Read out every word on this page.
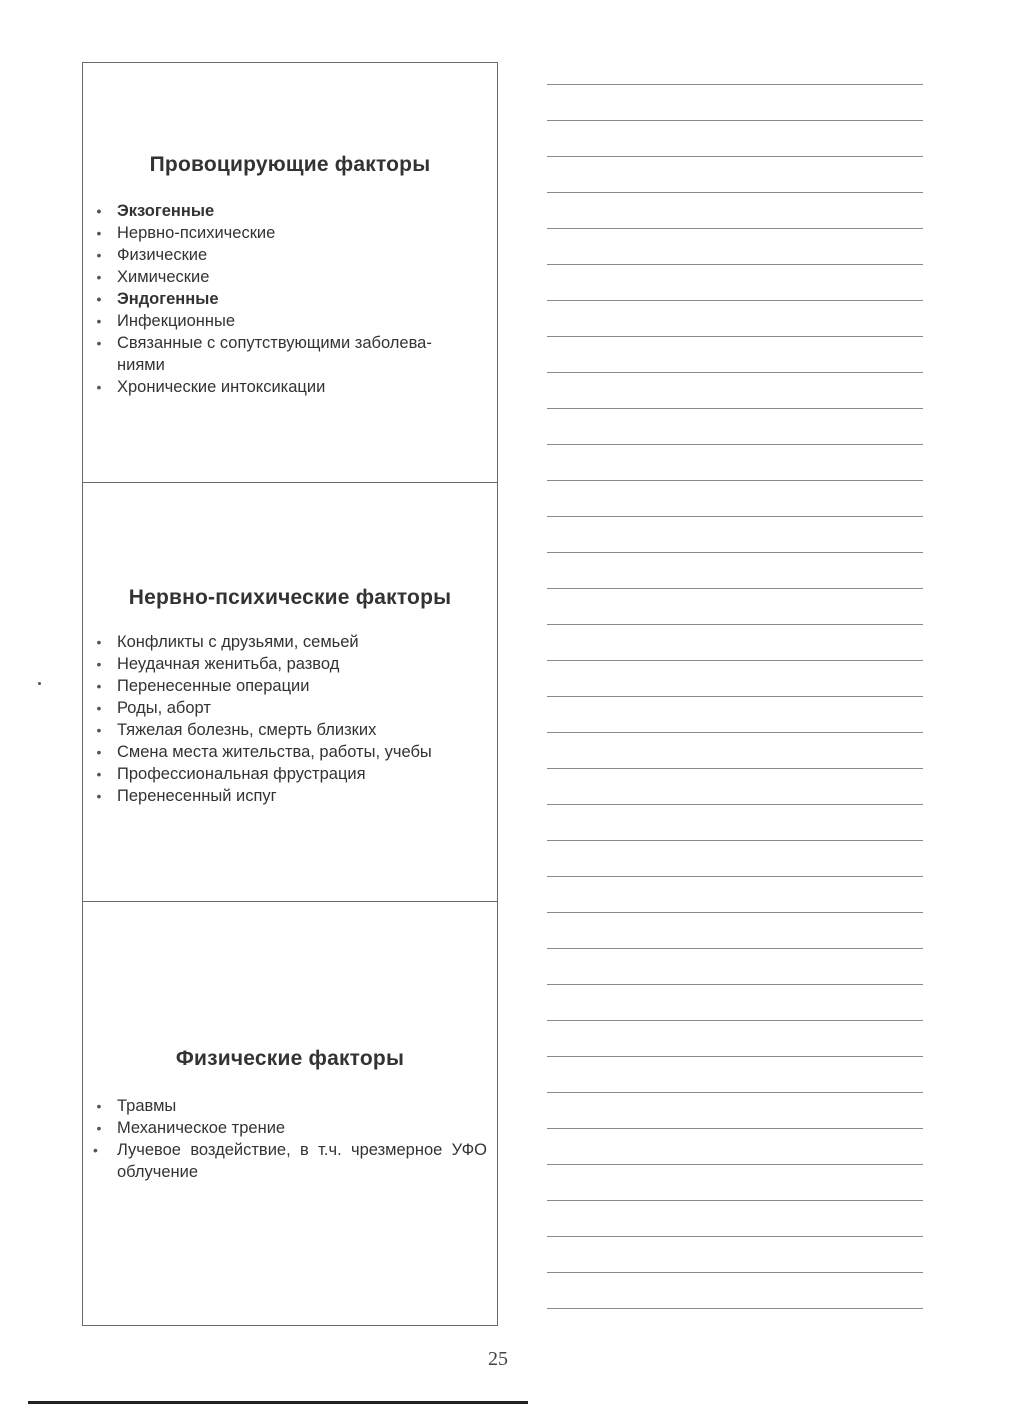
Провоцирующие факторы
• Экзогенные
• Нервно-психические
• Физические
• Химические
• Эндогенные
• Инфекционные
• Связанные с сопутствующими заболева-
ниями
• Хронические интоксикации
Нервно-психические факторы
• Конфликты с друзьями, семьей
• Неудачная женитьба, развод
• Перенесенные операции
• Роды, аборт
• Тяжелая болезнь, смерть близких
• Смена места жительства, работы, учебы
• Профессиональная фрустрация
• Перенесенный испуг
Физические факторы
• Травмы
• Механическое трение
•	Лучевое воздействие, в т.ч. чрезмерное УФО облучение
25
